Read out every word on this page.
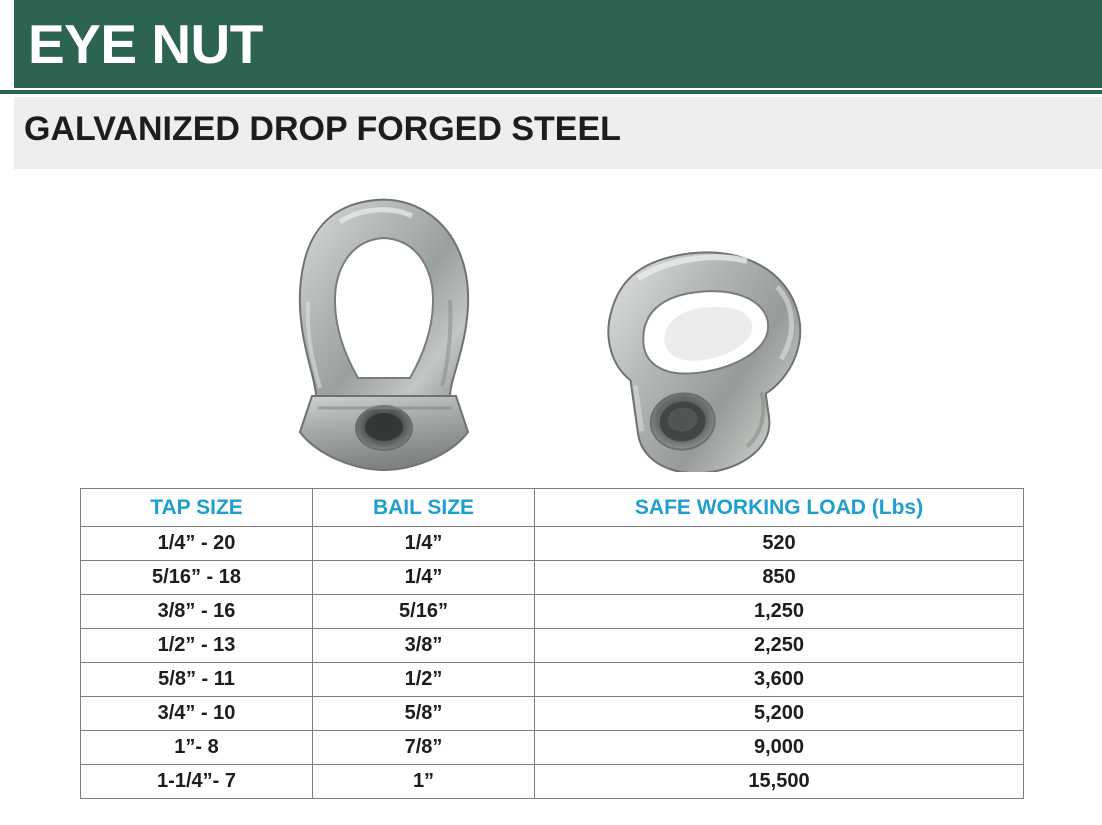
EYE NUT
GALVANIZED DROP FORGED STEEL
TAP SIZE	BAIL SIZE	SAFE WORKING LOAD (Lbs)
1/4” - 20	1/4”	520
5/16” - 18	1/4”	850
3/8” - 16	5/16”	1,250
1/2” - 13	3/8”	2,250
5/8” - 11	1/2”	3,600
3/4” - 10	5/8”	5,200
1”- 8	7/8”	9,000
1-1/4”- 7	1”	15,500
